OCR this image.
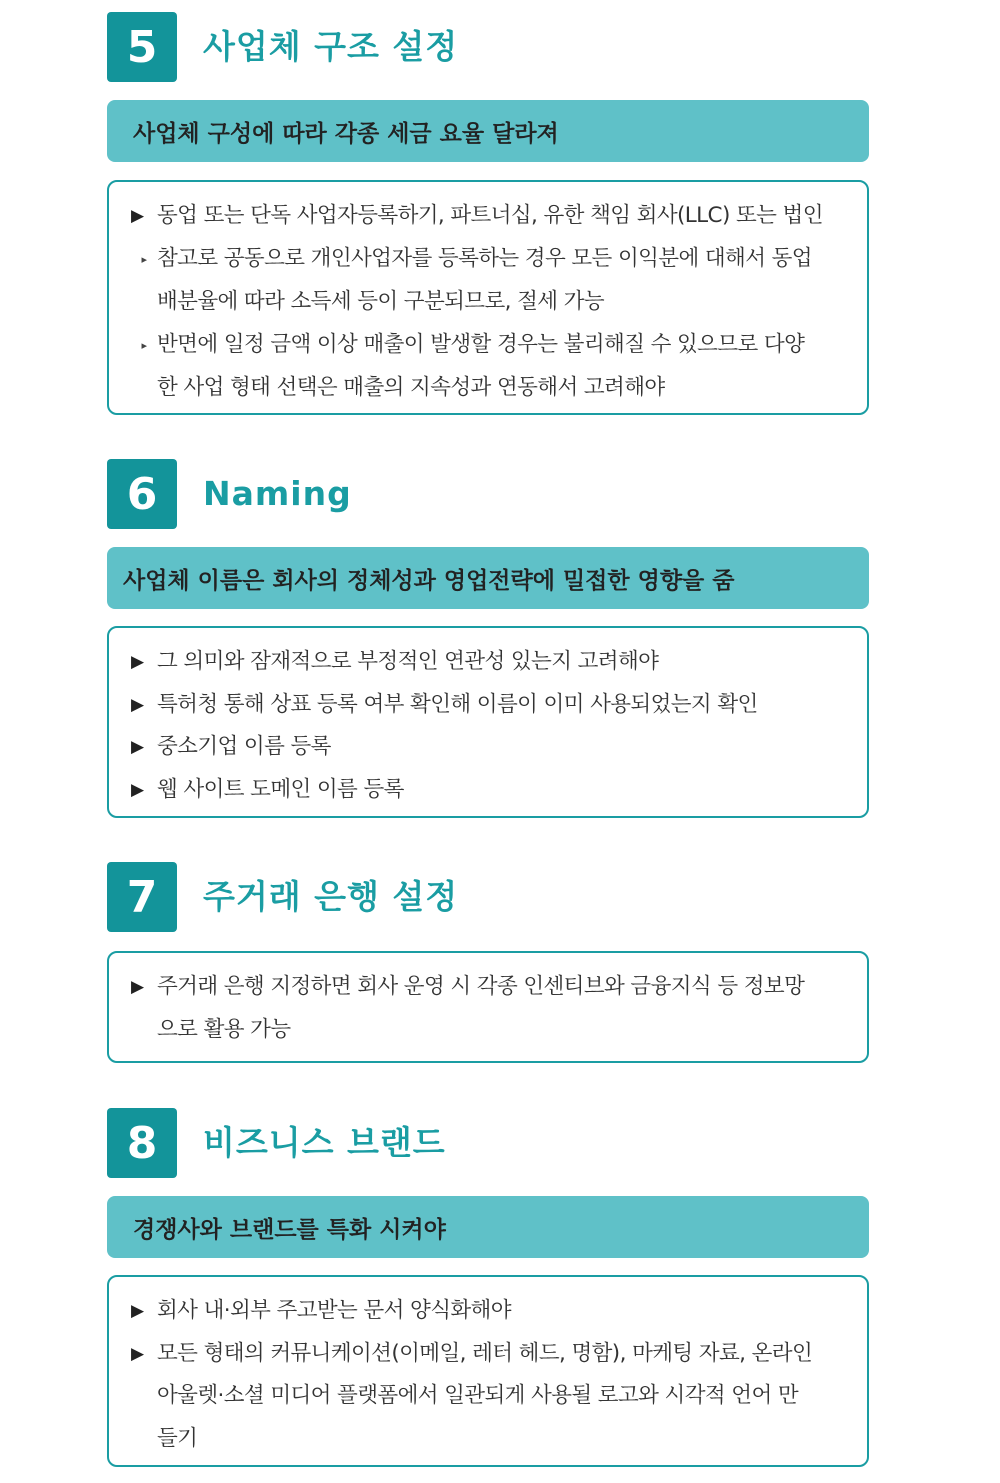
5	사업체 구조 설정
사업체 구성에 따라 각종 세금 요율 달라져
▶ 동업 또는 단독 사업자등록하기, 파트너십, 유한 책임 회사(LLC) 또는 법인
▸ 참고로 공동으로 개인사업자를 등록하는 경우 모든 이익분에 대해서 동업
배분율에 따라 소득세 등이 구분되므로, 절세 가능
▸ 반면에 일정 금액 이상 매출이 발생할 경우는 불리해질 수 있으므로 다양
한 사업 형태 선택은 매출의 지속성과 연동해서 고려해야
6	Naming
사업체 이름은 회사의 정체성과 영업전략에 밀접한 영향을 줌
▶ 그 의미와 잠재적으로 부정적인 연관성 있는지 고려해야
▶ 특허청 통해 상표 등록 여부 확인해 이름이 이미 사용되었는지 확인
▶ 중소기업 이름 등록
▶ 웹 사이트 도메인 이름 등록
7	주거래 은행 설정
▶ 주거래 은행 지정하면 회사 운영 시 각종 인센티브와 금융지식 등 정보망
으로 활용 가능
8	비즈니스 브랜드
경쟁사와 브랜드를 특화 시켜야
▶ 회사 내·외부 주고받는 문서 양식화해야
▶ 모든 형태의 커뮤니케이션(이메일, 레터 헤드, 명함), 마케팅 자료, 온라인
아울렛·소셜 미디어 플랫폼에서 일관되게 사용될 로고와 시각적 언어 만
들기
